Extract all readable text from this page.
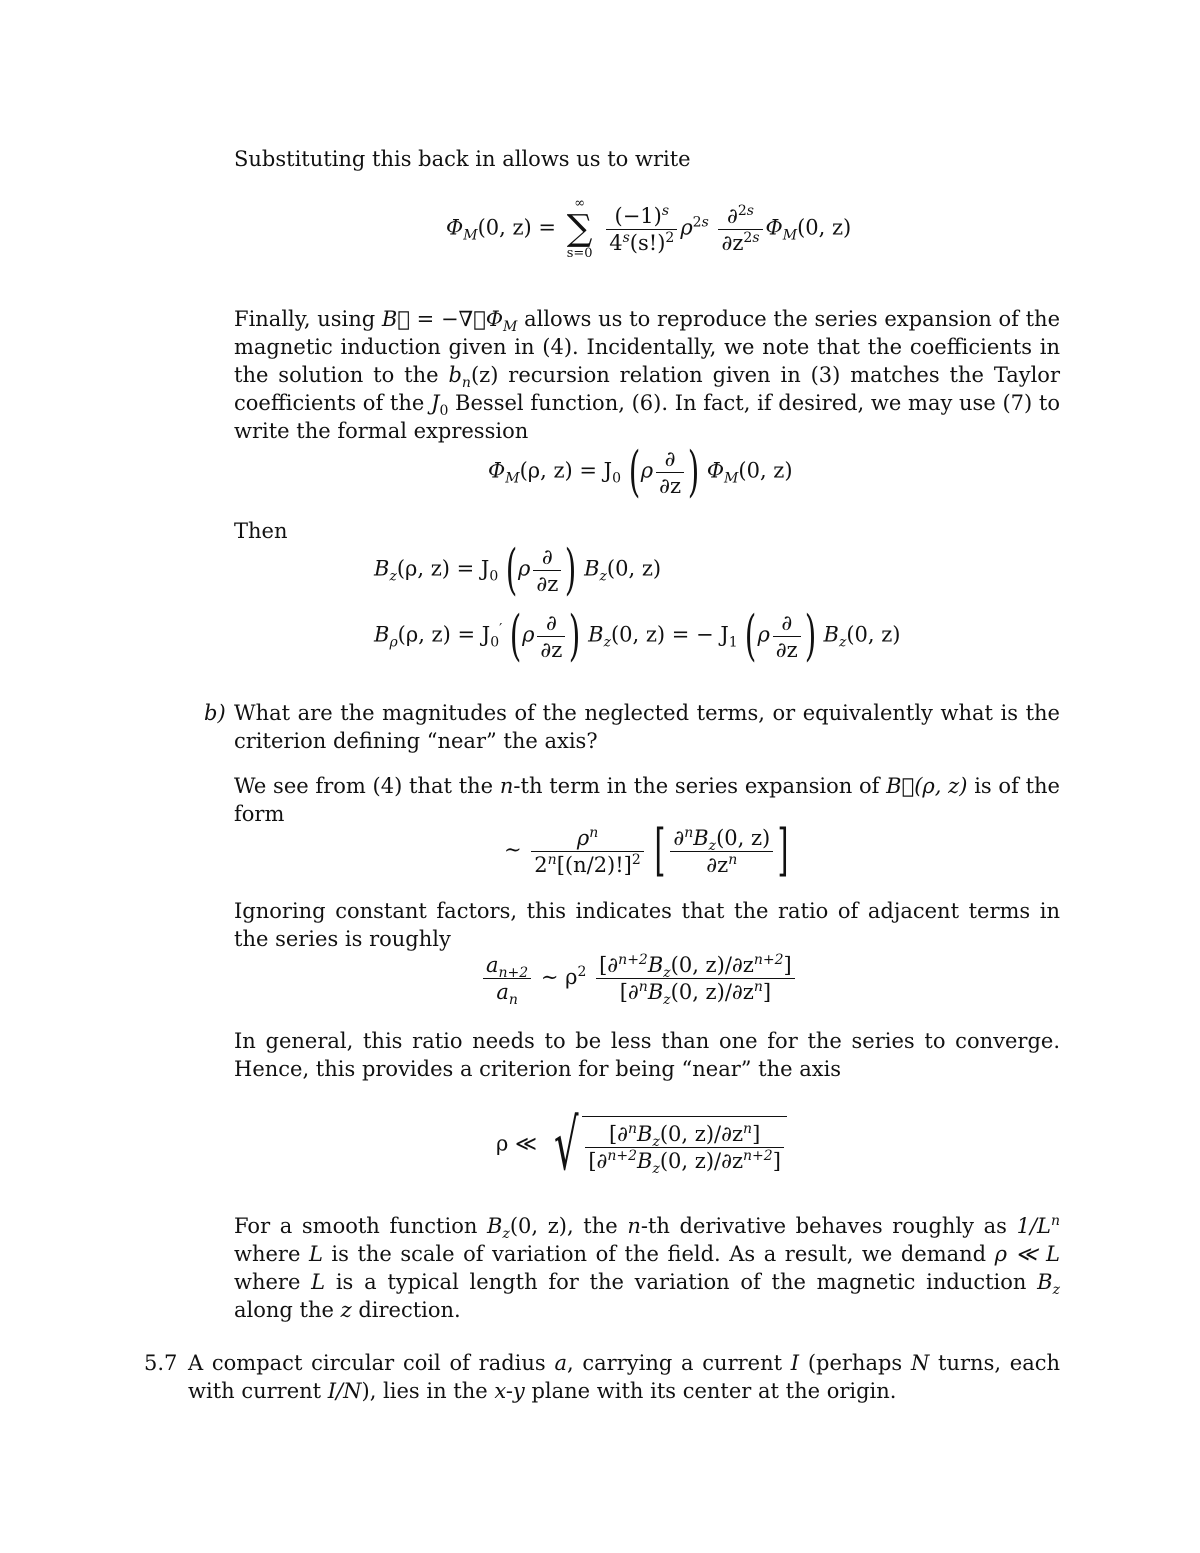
Substituting this back in allows us to write
$\Phi_M(0$, z) =
∞
∑
s=0
$\frac{(-1)^s}{4^s(s!)^2} \rho^{2s} \frac{\partial^{2s}}{\partial z^{2s}} \Phi_M(0$, z)
Finally, using B⃗ = $-\nabla⃗\Phi_M$ allows us to reproduce the series expansion of the magnetic induction given in (4). Incidentally, we note that the coefficients in the solution to the $b_n(z)$ recursion relation given in (3) matches the Taylor coefficients of the $J_0$ Bessel function, (6). In fact, if desired, we may use (7) to write the formal expression
$\Phi_M(\rho$, $z) = J_0$ ($\rho \frac{\partial}{\partial z}$ ) $\Phi_M(0$, z)
Then
$B_z(\rho$, $z) = J_0$ ($\rho \frac{\partial}{\partial z}$ ) $B_z(0$, z)
$B_\rho(\rho$, $z) = J_0'$ ($\rho \frac{\partial}{\partial z}$ ) $B_z(0$, z) = − $J_1$ ($\rho \frac{\partial}{\partial z}$ ) $B_z(0$, z)
b) What are the magnitudes of the neglected terms, or equivalently what is the criterion defining “near” the axis?
We see from (4) that the n-th term in the series expansion of B⃗(ρ, z) is of the form
∼ $\frac{\rho^n}{2^n[(n/2)!]^2}$ [ $\frac{\partial^nB_z(0, z)}{\partial z^n}$ ]
Ignoring constant factors, this indicates that the ratio of adjacent terms in the series is roughly
$\frac{a_{n+2}}{a_n}$ ∼ $\rho^2 \frac{[\partial^{n+2}B_z(0, z)/\partial z^{n+2}]}{[\partial^nB_z(0, z)/\partial z^n]}$
In general, this ratio needs to be less than one for the series to converge. Hence, this provides a criterion for being “near” the axis
ρ ≪ √ $\frac{[\partial^nB_z(0, z)/\partial z^n]}{[\partial^{n+2}B_z(0, z)/\partial z^{n+2}]}$
For a smooth function $B_z(0$, z), the n-th derivative behaves roughly as $1/L^n$ where L is the scale of variation of the field. As a result, we demand ρ ≪ L where L is a typical length for the variation of the magnetic induction $B_z$ along the z direction.
5.7 A compact circular coil of radius a, carrying a current I (perhaps N turns, each with current I/N), lies in the x-y plane with its center at the origin.
